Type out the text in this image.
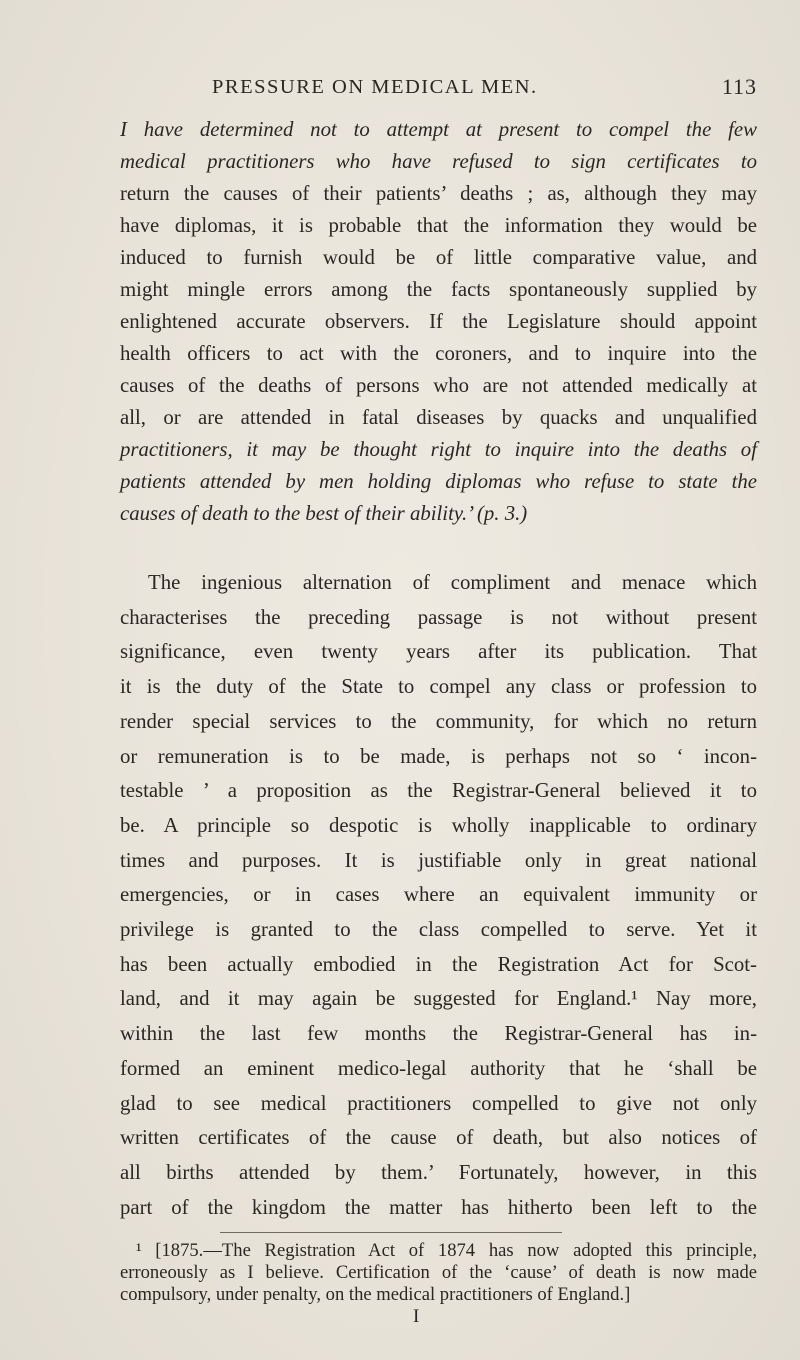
PRESSURE ON MEDICAL MEN.	113
I have determined not to attempt at present to compel the few
medical practitioners who have refused to sign certificates to
return the causes of their patients’ deaths ; as, although they may
have diplomas, it is probable that the information they would be
induced to furnish would be of little comparative value, and
might mingle errors among the facts spontaneously supplied by
enlightened accurate observers. If the Legislature should appoint
health officers to act with the coroners, and to inquire into the
causes of the deaths of persons who are not attended medically at
all, or are attended in fatal diseases by quacks and unqualified
practitioners, it may be thought right to inquire into the deaths of
patients attended by men holding diplomas who refuse to state the
causes of death to the best of their ability.’ (p. 3.)
The ingenious alternation of compliment and menace which
characterises the preceding passage is not without present
significance, even twenty years after its publication. That
it is the duty of the State to compel any class or profession to
render special services to the community, for which no return
or remuneration is to be made, is perhaps not so ‘ incon-
testable ’ a proposition as the Registrar-General believed it to
be. A principle so despotic is wholly inapplicable to ordinary
times and purposes. It is justifiable only in great national
emergencies, or in cases where an equivalent immunity or
privilege is granted to the class compelled to serve. Yet it
has been actually embodied in the Registration Act for Scot-
land, and it may again be suggested for England.¹ Nay more,
within the last few months the Registrar-General has in-
formed an eminent medico-legal authority that he ‘shall be
glad to see medical practitioners compelled to give not only
written certificates of the cause of death, but also notices of
all births attended by them.’ Fortunately, however, in this
part of the kingdom the matter has hitherto been left to the
¹ [1875.—The Registration Act of 1874 has now adopted this principle,
erroneously as I believe. Certification of the ‘cause’ of death is now made
compulsory, under penalty, on the medical practitioners of England.]
I
